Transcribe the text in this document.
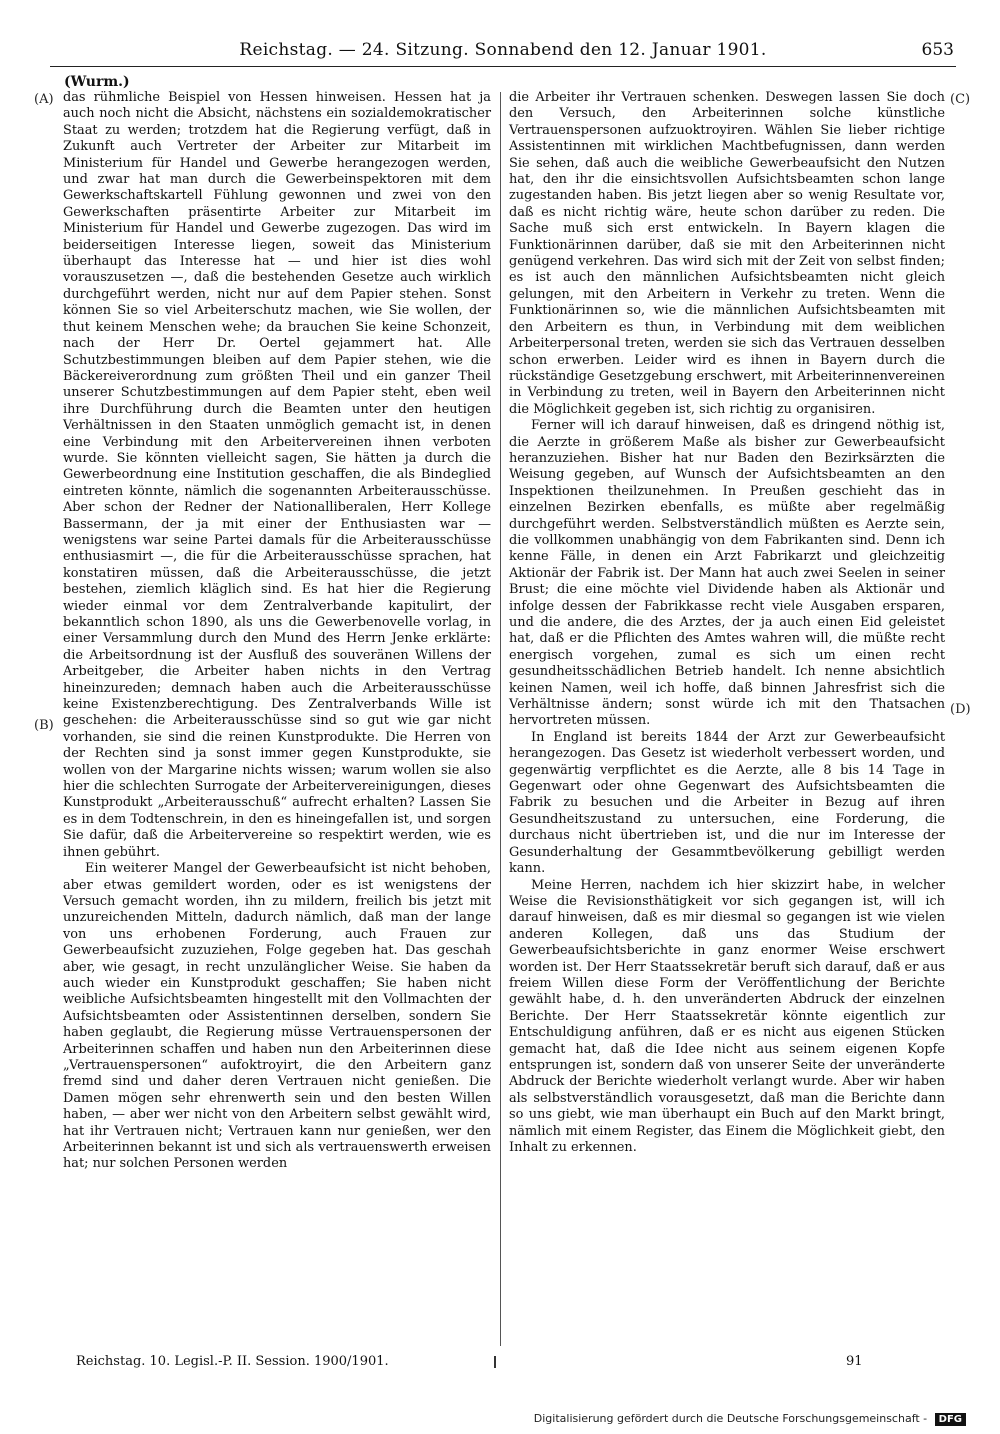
Reichstag. — 24. Sitzung. Sonnabend den 12. Januar 1901.	653
(Wurm.)
(A)
(B)
(C)
(D)

das rühmliche Beispiel von Hessen hinweisen. Hessen hat ja auch noch nicht die Absicht, nächstens ein sozialdemokratischer Staat zu werden; trotzdem hat die Regierung verfügt, daß in Zukunft auch Vertreter der Arbeiter zur Mitarbeit im Ministerium für Handel und Gewerbe herangezogen werden, und zwar hat man durch die Gewerbeinspektoren mit dem Gewerkschaftskartell Fühlung gewonnen und zwei von den Gewerkschaften präsentirte Arbeiter zur Mitarbeit im Ministerium für Handel und Gewerbe zugezogen. Das wird im beiderseitigen Interesse liegen, soweit das Ministerium überhaupt das Interesse hat — und hier ist dies wohl vorauszusetzen —, daß die bestehenden Gesetze auch wirklich durchgeführt werden, nicht nur auf dem Papier stehen. Sonst können Sie so viel Arbeiterschutz machen, wie Sie wollen, der thut keinem Menschen wehe; da brauchen Sie keine Schonzeit, nach der Herr Dr. Oertel gejammert hat. Alle Schutzbestimmungen bleiben auf dem Papier stehen, wie die Bäckereiverordnung zum größten Theil und ein ganzer Theil unserer Schutzbestimmungen auf dem Papier steht, eben weil ihre Durchführung durch die Beamten unter den heutigen Verhältnissen in den Staaten unmöglich gemacht ist, in denen eine Verbindung mit den Arbeitervereinen ihnen verboten wurde. Sie könnten vielleicht sagen, Sie hätten ja durch die Gewerbeordnung eine Institution geschaffen, die als Bindeglied eintreten könnte, nämlich die sogenannten Arbeiterausschüsse. Aber schon der Redner der Nationalliberalen, Herr Kollege Bassermann, der ja mit einer der Enthusiasten war — wenigstens war seine Partei damals für die Arbeiterausschüsse enthusiasmirt —, die für die Arbeiterausschüsse sprachen, hat konstatiren müssen, daß die Arbeiterausschüsse, die jetzt bestehen, ziemlich kläglich sind. Es hat hier die Regierung wieder einmal vor dem Zentralverbande kapitulirt, der bekanntlich schon 1890, als uns die Gewerbenovelle vorlag, in einer Versammlung durch den Mund des Herrn Jenke erklärte: die Arbeitsordnung ist der Ausfluß des souveränen Willens der Arbeitgeber, die Arbeiter haben nichts in den Vertrag hineinzureden; demnach haben auch die Arbeiterausschüsse keine Existenzberechtigung. Des Zentralverbands Wille ist geschehen: die Arbeiterausschüsse sind so gut wie gar nicht vorhanden, sie sind die reinen Kunstprodukte. Die Herren von der Rechten sind ja sonst immer gegen Kunstprodukte, sie wollen von der Margarine nichts wissen; warum wollen sie also hier die schlechten Surrogate der Arbeitervereinigungen, dieses Kunstprodukt „Arbeiterausschuß“ aufrecht erhalten? Lassen Sie es in dem Todtenschrein, in den es hineingefallen ist, und sorgen Sie dafür, daß die Arbeitervereine so respektirt werden, wie es ihnen gebührt.

Ein weiterer Mangel der Gewerbeaufsicht ist nicht behoben, aber etwas gemildert worden, oder es ist wenigstens der Versuch gemacht worden, ihn zu mildern, freilich bis jetzt mit unzureichenden Mitteln, dadurch nämlich, daß man der lange von uns erhobenen Forderung, auch Frauen zur Gewerbeaufsicht zuzuziehen, Folge gegeben hat. Das geschah aber, wie gesagt, in recht unzulänglicher Weise. Sie haben da auch wieder ein Kunstprodukt geschaffen; Sie haben nicht weibliche Aufsichtsbeamten hingestellt mit den Vollmachten der Aufsichtsbeamten oder Assistentinnen derselben, sondern Sie haben geglaubt, die Regierung müsse Vertrauenspersonen der Arbeiterinnen schaffen und haben nun den Arbeiterinnen diese „Vertrauenspersonen“ aufoktroyirt, die den Arbeitern ganz fremd sind und daher deren Vertrauen nicht genießen. Die Damen mögen sehr ehrenwerth sein und den besten Willen haben, — aber wer nicht von den Arbeitern selbst gewählt wird, hat ihr Vertrauen nicht; Vertrauen kann nur genießen, wer den Arbeiterinnen bekannt ist und sich als vertrauenswerth erweisen hat; nur solchen Personen werden

die Arbeiter ihr Vertrauen schenken. Deswegen lassen Sie doch den Versuch, den Arbeiterinnen solche künstliche Vertrauenspersonen aufzuoktroyiren. Wählen Sie lieber richtige Assistentinnen mit wirklichen Machtbefugnissen, dann werden Sie sehen, daß auch die weibliche Gewerbeaufsicht den Nutzen hat, den ihr die einsichtsvollen Aufsichtsbeamten schon lange zugestanden haben. Bis jetzt liegen aber so wenig Resultate vor, daß es nicht richtig wäre, heute schon darüber zu reden. Die Sache muß sich erst entwickeln. In Bayern klagen die Funktionärinnen darüber, daß sie mit den Arbeiterinnen nicht genügend verkehren. Das wird sich mit der Zeit von selbst finden; es ist auch den männlichen Aufsichtsbeamten nicht gleich gelungen, mit den Arbeitern in Verkehr zu treten. Wenn die Funktionärinnen so, wie die männlichen Aufsichtsbeamten mit den Arbeitern es thun, in Verbindung mit dem weiblichen Arbeiterpersonal treten, werden sie sich das Vertrauen desselben schon erwerben. Leider wird es ihnen in Bayern durch die rückständige Gesetzgebung erschwert, mit Arbeiterinnenvereinen in Verbindung zu treten, weil in Bayern den Arbeiterinnen nicht die Möglichkeit gegeben ist, sich richtig zu organisiren.

Ferner will ich darauf hinweisen, daß es dringend nöthig ist, die Aerzte in größerem Maße als bisher zur Gewerbeaufsicht heranzuziehen. Bisher hat nur Baden den Bezirksärzten die Weisung gegeben, auf Wunsch der Aufsichtsbeamten an den Inspektionen theilzunehmen. In Preußen geschieht das in einzelnen Bezirken ebenfalls, es müßte aber regelmäßig durchgeführt werden. Selbstverständlich müßten es Aerzte sein, die vollkommen unabhängig von dem Fabrikanten sind. Denn ich kenne Fälle, in denen ein Arzt Fabrikarzt und gleichzeitig Aktionär der Fabrik ist. Der Mann hat auch zwei Seelen in seiner Brust; die eine möchte viel Dividende haben als Aktionär und infolge dessen der Fabrikkasse recht viele Ausgaben ersparen, und die andere, die des Arztes, der ja auch einen Eid geleistet hat, daß er die Pflichten des Amtes wahren will, die müßte recht energisch vorgehen, zumal es sich um einen recht gesundheitsschädlichen Betrieb handelt. Ich nenne absichtlich keinen Namen, weil ich hoffe, daß binnen Jahresfrist sich die Verhältnisse ändern; sonst würde ich mit den Thatsachen hervortreten müssen.

In England ist bereits 1844 der Arzt zur Gewerbeaufsicht herangezogen. Das Gesetz ist wiederholt verbessert worden, und gegenwärtig verpflichtet es die Aerzte, alle 8 bis 14 Tage in Gegenwart oder ohne Gegenwart des Aufsichtsbeamten die Fabrik zu besuchen und die Arbeiter in Bezug auf ihren Gesundheitszustand zu untersuchen, eine Forderung, die durchaus nicht übertrieben ist, und die nur im Interesse der Gesunderhaltung der Gesammtbevölkerung gebilligt werden kann.

Meine Herren, nachdem ich hier skizzirt habe, in welcher Weise die Revisionsthätigkeit vor sich gegangen ist, will ich darauf hinweisen, daß es mir diesmal so gegangen ist wie vielen anderen Kollegen, daß uns das Studium der Gewerbeaufsichtsberichte in ganz enormer Weise erschwert worden ist. Der Herr Staatssekretär beruft sich darauf, daß er aus freiem Willen diese Form der Veröffentlichung der Berichte gewählt habe, d. h. den unveränderten Abdruck der einzelnen Berichte. Der Herr Staatssekretär könnte eigentlich zur Entschuldigung anführen, daß er es nicht aus eigenen Stücken gemacht hat, daß die Idee nicht aus seinem eigenen Kopfe entsprungen ist, sondern daß von unserer Seite der unveränderte Abdruck der Berichte wiederholt verlangt wurde. Aber wir haben als selbstverständlich vorausgesetzt, daß man die Berichte dann so uns giebt, wie man überhaupt ein Buch auf den Markt bringt, nämlich mit einem Register, das Einem die Möglichkeit giebt, den Inhalt zu erkennen.

Reichstag. 10. Legisl.-P. II. Session. 1900/1901.	91
Digitalisierung gefördert durch die Deutsche Forschungsgemeinschaft - DFG
